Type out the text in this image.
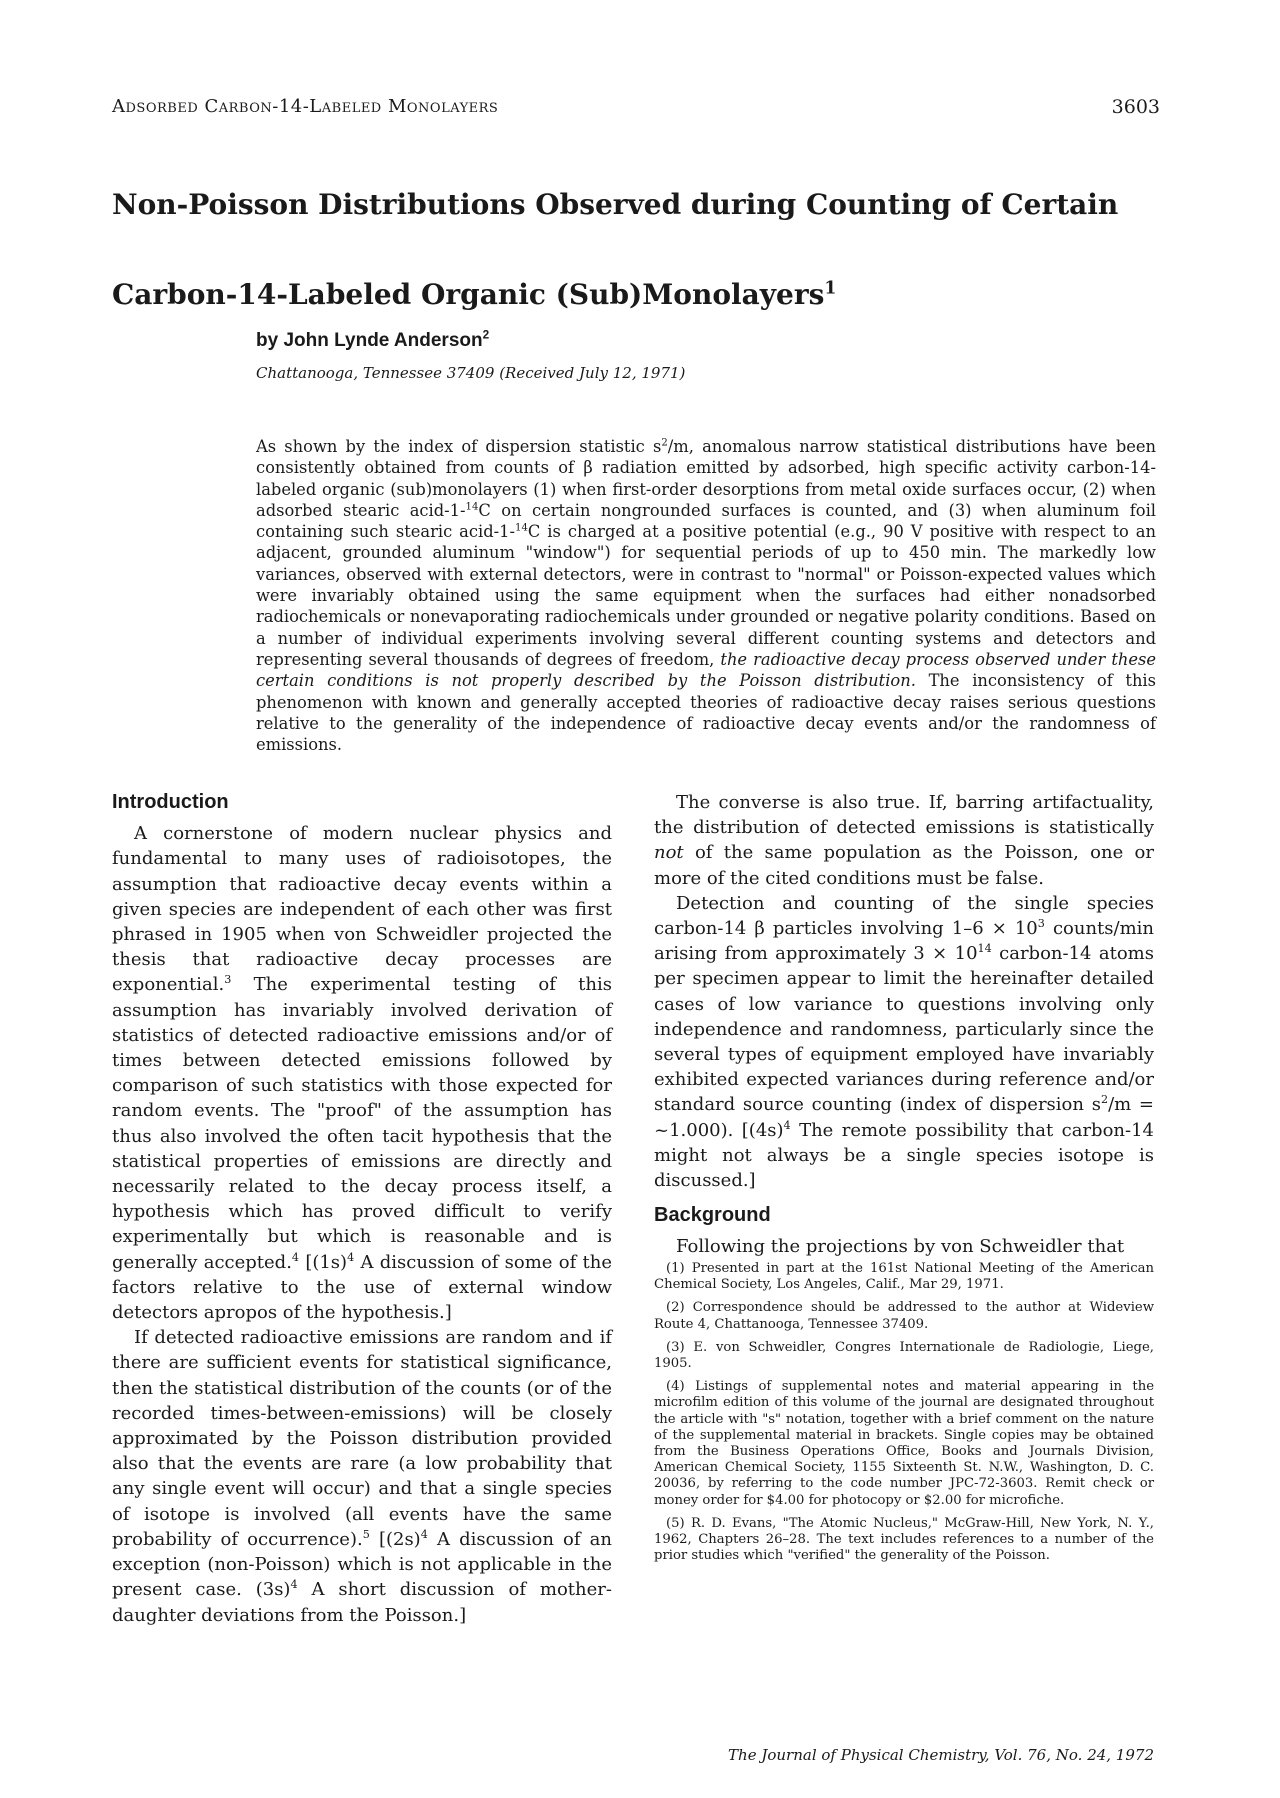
Adsorbed Carbon-14-Labeled Monolayers	3603
Non-Poisson Distributions Observed during Counting of Certain
Carbon-14-Labeled Organic (Sub)Monolayers$^1$
by John Lynde Anderson$^2$
Chattanooga, Tennessee 37409 (Received July 12, 1971)
As shown by the index of dispersion statistic $s^2/m$, anomalous narrow statistical distributions have been consistently obtained from counts of β radiation emitted by adsorbed, high specific activity carbon-14-labeled organic (sub)monolayers (1) when first-order desorptions from metal oxide surfaces occur, (2) when adsorbed stearic acid-1-$^{14}$C on certain nongrounded surfaces is counted, and (3) when aluminum foil containing such stearic acid-1-$^{14}$C is charged at a positive potential (e.g., 90 V positive with respect to an adjacent, grounded aluminum "window") for sequential periods of up to 450 min. The markedly low variances, observed with external detectors, were in contrast to "normal" or Poisson-expected values which were invariably obtained using the same equipment when the surfaces had either nonadsorbed radiochemicals or nonevaporating radiochemicals under grounded or negative polarity conditions. Based on a number of individual experiments involving several different counting systems and detectors and representing several thousands of degrees of freedom, the radioactive decay process observed under these certain conditions is not properly described by the Poisson distribution. The inconsistency of this phenomenon with known and generally accepted theories of radioactive decay raises serious questions relative to the generality of the independence of radioactive decay events and/or the randomness of emissions.
Introduction

A cornerstone of modern nuclear physics and fundamental to many uses of radioisotopes, the assumption that radioactive decay events within a given species are independent of each other was first phrased in 1905 when von Schweidler projected the thesis that radioactive decay processes are exponential.$^3$ The experimental testing of this assumption has invariably involved derivation of statistics of detected radioactive emissions and/or of times between detected emissions followed by comparison of such statistics with those expected for random events. The "proof" of the assumption has thus also involved the often tacit hypothesis that the statistical properties of emissions are directly and necessarily related to the decay process itself, a hypothesis which has proved difficult to verify experimentally but which is reasonable and is generally accepted.$^4$ [$(1s)^4$ A discussion of some of the factors relative to the use of external window detectors apropos of the hypothesis.]

If detected radioactive emissions are random and if there are sufficient events for statistical significance, then the statistical distribution of the counts (or of the recorded times-between-emissions) will be closely approximated by the Poisson distribution provided also that the events are rare (a low probability that any single event will occur) and that a single species of isotope is involved (all events have the same probability of occurrence).$^5$ [$(2s)^4$ A discussion of an exception (non-Poisson) which is not applicable in the present case. $(3s)^4$ A short discussion of mother-daughter deviations from the Poisson.]

The converse is also true. If, barring artifactuality, the distribution of detected emissions is statistically not of the same population as the Poisson, one or more of the cited conditions must be false.

Detection and counting of the single species carbon-14 β particles involving $1-6 \times 10^3$ counts/min arising from approximately $3 \times 10^{14}$ carbon-14 atoms per specimen appear to limit the hereinafter detailed cases of low variance to questions involving only independence and randomness, particularly since the several types of equipment employed have invariably exhibited expected variances during reference and/or standard source counting (index of dispersion $s^2/m$ = ~1.000). [$(4s)^4$ The remote possibility that carbon-14 might not always be a single species isotope is discussed.]

Background

Following the projections by von Schweidler that

(1) Presented in part at the 161st National Meeting of the American Chemical Society, Los Angeles, Calif., Mar 29, 1971.
(2) Correspondence should be addressed to the author at Wideview Route 4, Chattanooga, Tennessee 37409.
(3) E. von Schweidler, Congres Internationale de Radiologie, Liege, 1905.
(4) Listings of supplemental notes and material appearing in the microfilm edition of this volume of the journal are designated throughout the article with "s" notation, together with a brief comment on the nature of the supplemental material in brackets. Single copies may be obtained from the Business Operations Office, Books and Journals Division, American Chemical Society, 1155 Sixteenth St. N.W., Washington, D. C. 20036, by referring to the code number JPC-72-3603. Remit check or money order for $4.00 for photocopy or $2.00 for microfiche.
(5) R. D. Evans, "The Atomic Nucleus," McGraw-Hill, New York, N. Y., 1962, Chapters 26–28. The text includes references to a number of the prior studies which "verified" the generality of the Poisson.
The Journal of Physical Chemistry, Vol. 76, No. 24, 1972
